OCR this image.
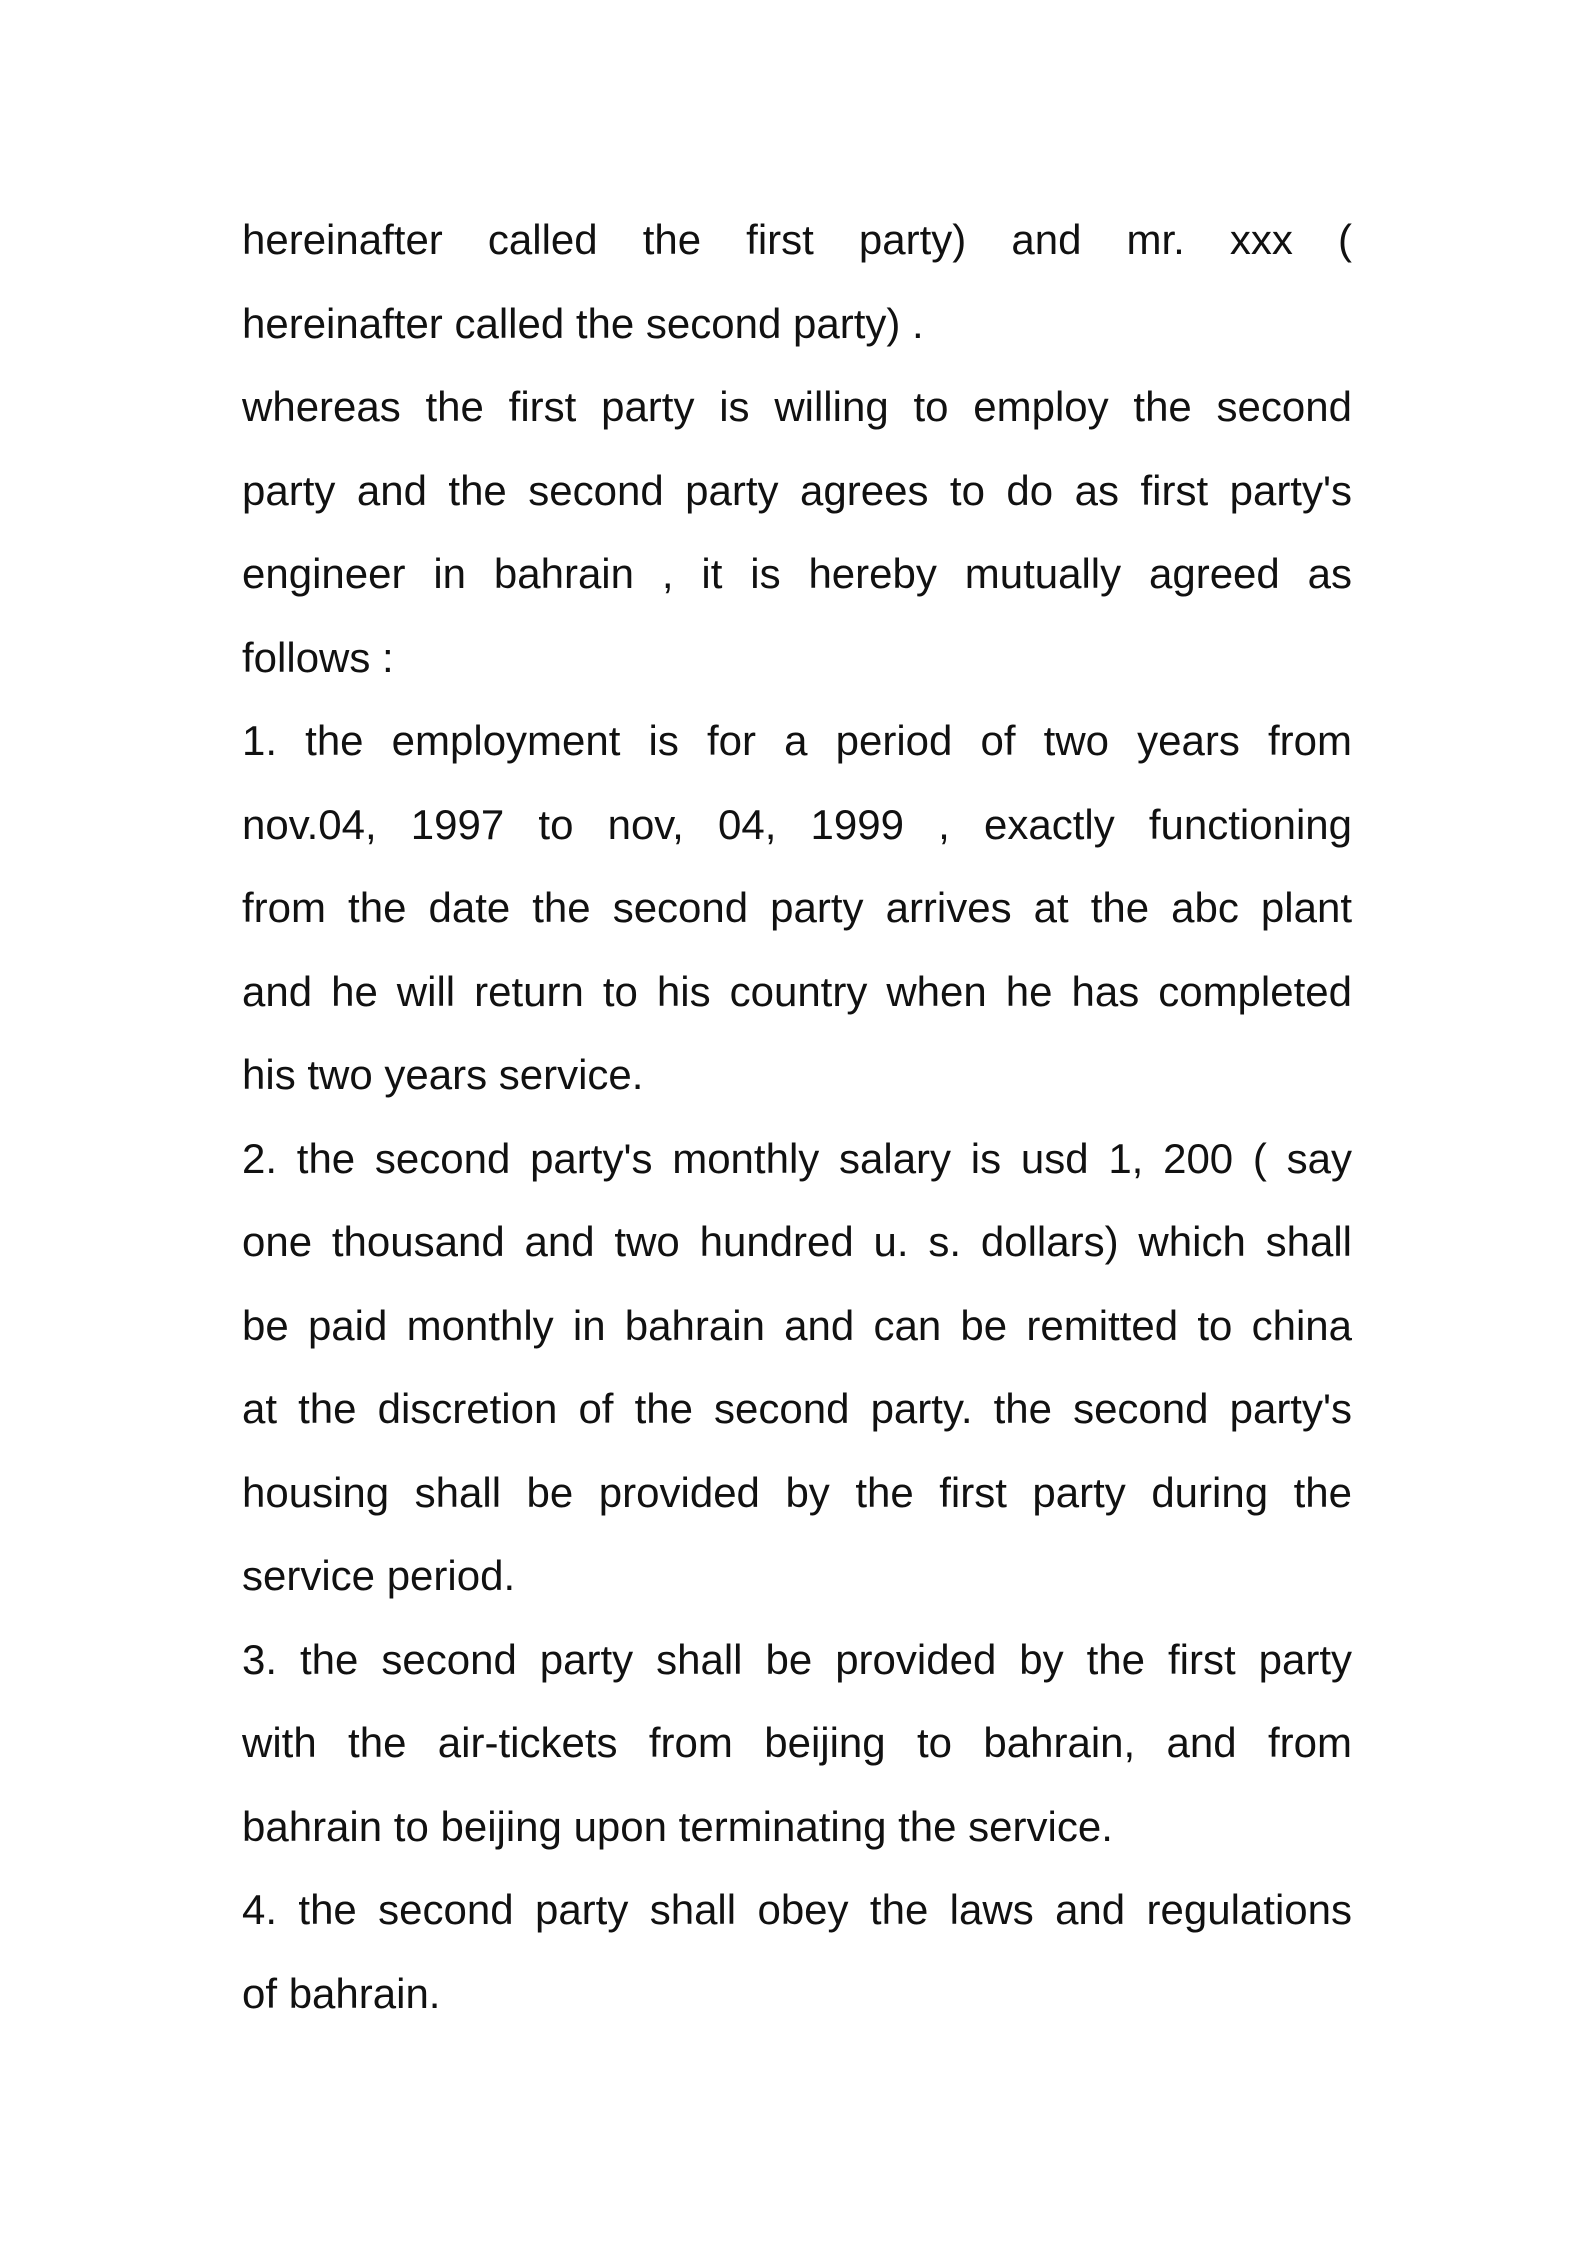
hereinafter called the first party) and mr. xxx (
hereinafter called the second party) .
whereas the first party is willing to employ the second
party and the second party agrees to do as first party's
engineer in bahrain , it is hereby mutually agreed as
follows :
1. the employment is for a period of two years from
nov.04, 1997 to nov, 04, 1999 , exactly functioning
from the date the second party arrives at the abc plant
and he will return to his country when he has completed
his two years service.
2. the second party's monthly salary is usd 1, 200 ( say
one thousand and two hundred u. s. dollars) which shall
be paid monthly in bahrain and can be remitted to china
at the discretion of the second party. the second party's
housing shall be provided by the first party during the
service period.
3. the second party shall be provided by the first party
with the air-tickets from beijing to bahrain, and from
bahrain to beijing upon terminating the service.
4. the second party shall obey the laws and regulations
of bahrain.
